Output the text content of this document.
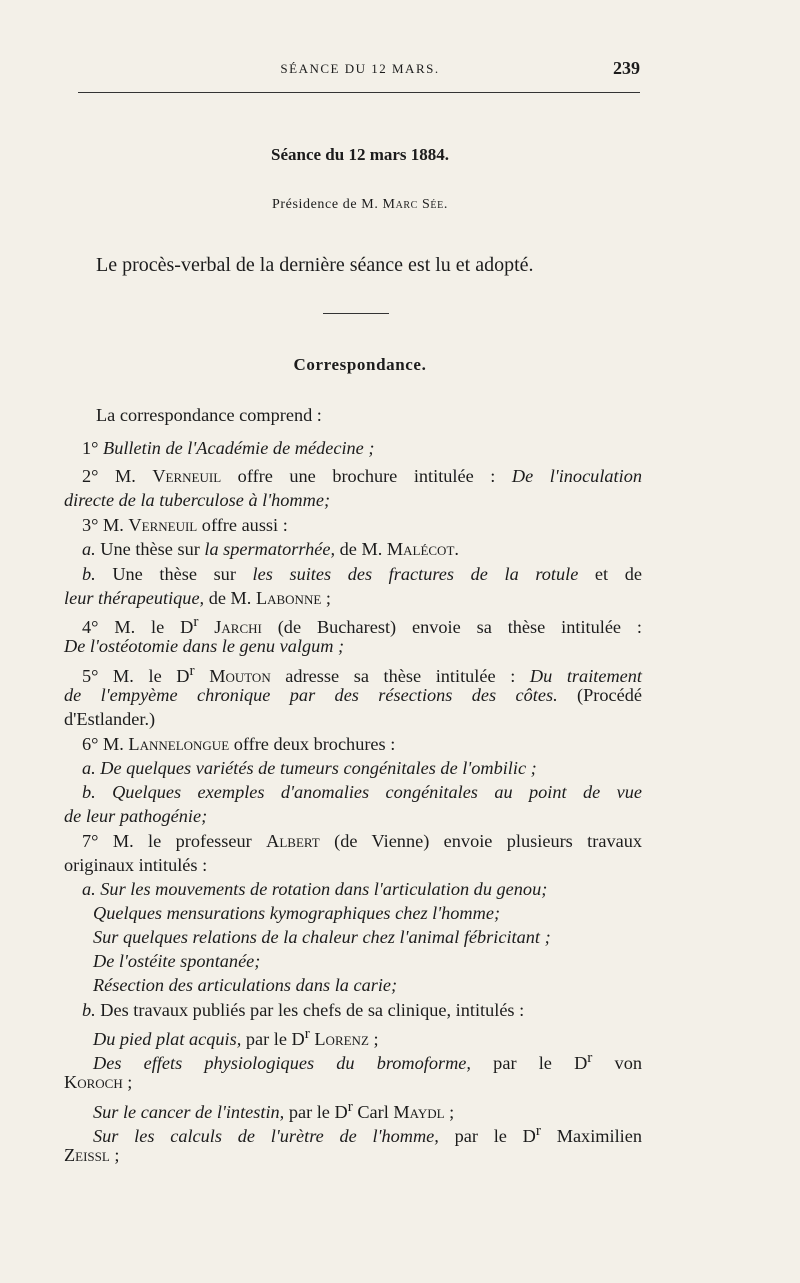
SÉANCE DU 12 MARS.	239
Séance du 12 mars 1884.
Présidence de M. Marc Sée.
Le procès-verbal de la dernière séance est lu et adopté.
Correspondance.
La correspondance comprend :
1° Bulletin de l'Académie de médecine ;
2° M. Verneuil offre une brochure intitulée : De l'inoculation
directe de la tuberculose à l'homme;
3° M. Verneuil offre aussi :
a. Une thèse sur la spermatorrhée, de M. Malécot.
b. Une thèse sur les suites des fractures de la rotule et de
leur thérapeutique, de M. Labonne ;
4° M. le $D^r$ Jarchi (de Bucharest) envoie sa thèse intitulée :
De l'ostéotomie dans le genu valgum ;
5° M. le $D^r$ Mouton adresse sa thèse intitulée : Du traitement
de l'empyème chronique par des résections des côtes. (Procédé
d'Estlander.)
6° M. Lannelongue offre deux brochures :
a. De quelques variétés de tumeurs congénitales de l'ombilic ;
b. Quelques exemples d'anomalies congénitales au point de vue
de leur pathogénie;
7° M. le professeur Albert (de Vienne) envoie plusieurs travaux
originaux intitulés :
a. Sur les mouvements de rotation dans l'articulation du genou;
Quelques mensurations kymographiques chez l'homme;
Sur quelques relations de la chaleur chez l'animal fébricitant ;
De l'ostéite spontanée;
Résection des articulations dans la carie;
b. Des travaux publiés par les chefs de sa clinique, intitulés :
Du pied plat acquis, par le $D^r$ Lorenz ;
Des effets physiologiques du bromoforme, par le $D^r$ von
Koroch ;
Sur le cancer de l'intestin, par le $D^r$ Carl Maydl ;
Sur les calculs de l'urètre de l'homme, par le $D^r$ Maximilien
Zeissl ;
